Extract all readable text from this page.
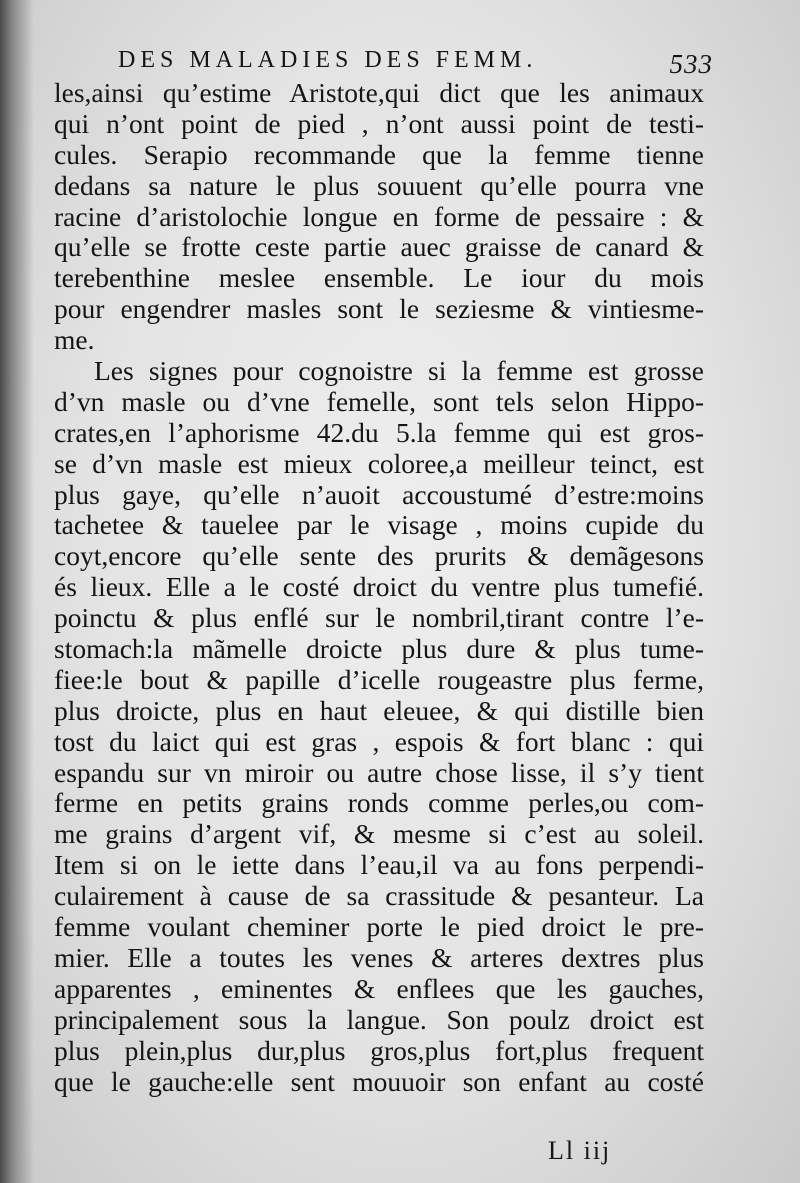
DES MALADIES DES FEMM.	533
les,ainsi qu’estime Aristote,qui dict que les animaux
qui n’ont point de pied , n’ont aussi point de testi-
cules. Serapio recommande que la femme tienne
dedans sa nature le plus souuent qu’elle pourra vne
racine d’aristolochie longue en forme de pessaire : &
qu’elle se frotte ceste partie auec graisse de canard &
terebenthine meslee ensemble. Le iour du mois
pour engendrer masles sont le seziesme & vintiesme-
me.
Les signes pour cognoistre si la femme est grosse
d’vn masle ou d’vne femelle, sont tels selon Hippo-
crates,en l’aphorisme 42.du 5.la femme qui est gros-
se d’vn masle est mieux coloree,a meilleur teinct, est
plus gaye, qu’elle n’auoit accoustumé d’estre:moins
tachetee & tauelee par le visage , moins cupide du
coyt,encore qu’elle sente des prurits & demãgesons
és lieux. Elle a le costé droict du ventre plus tumefié.
poinctu & plus enflé sur le nombril,tirant contre l’e-
stomach:la mãmelle droicte plus dure & plus tume-
fiee:le bout & papille d’icelle rougeastre plus ferme,
plus droicte, plus en haut eleuee, & qui distille bien
tost du laict qui est gras , espois & fort blanc : qui
espandu sur vn miroir ou autre chose lisse, il s’y tient
ferme en petits grains ronds comme perles,ou com-
me grains d’argent vif, & mesme si c’est au soleil.
Item si on le iette dans l’eau,il va au fons perpendi-
culairement à cause de sa crassitude & pesanteur. La
femme voulant cheminer porte le pied droict le pre-
mier. Elle a toutes les venes & arteres dextres plus
apparentes , eminentes & enflees que les gauches,
principalement sous la langue. Son poulz droict est
plus plein,plus dur,plus gros,plus fort,plus frequent
que le gauche:elle sent mouuoir son enfant au costé
Ll iij
